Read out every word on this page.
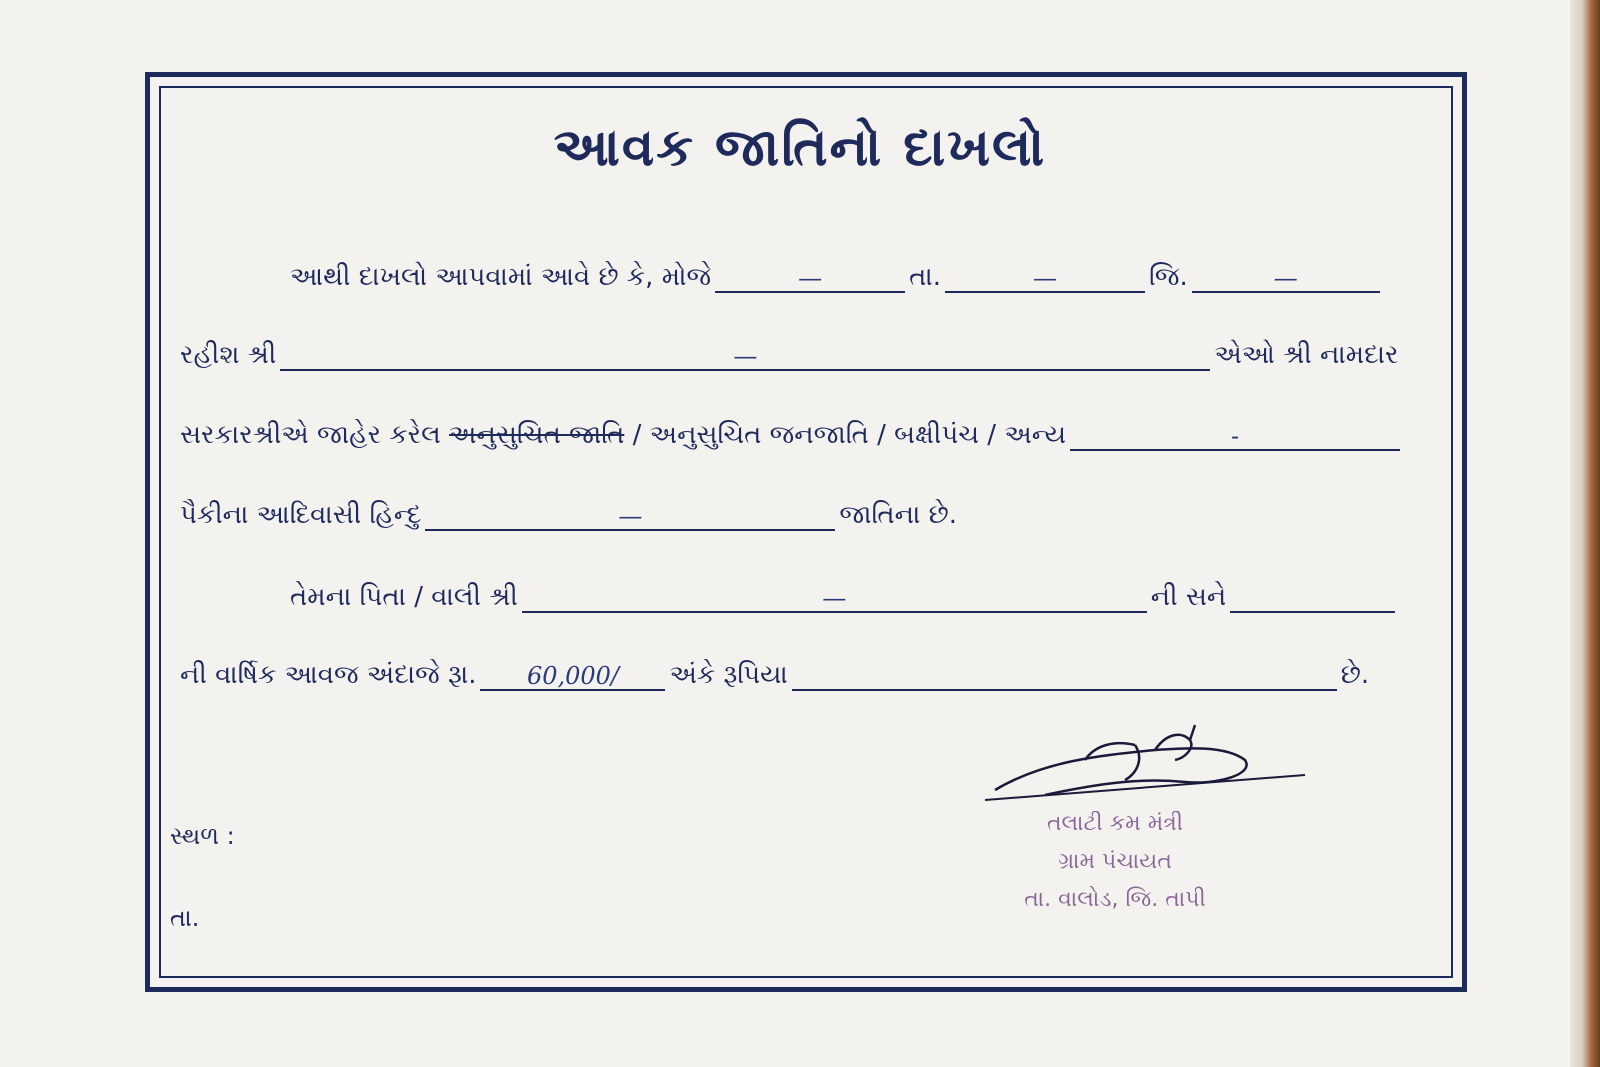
આવક જાતિનો દાખલો
આથી દાખલો આપવામાં આવે છે કે, મોજે	—	તા.	—	જિ.	—
રહીશ શ્રી	—	એઓ શ્રી નામદાર
સરકારશ્રીએ જાહેર કરેલ
અનુસુચિત જાતિ
/ અનુસુચિત જનજાતિ / બક્ષીપંચ / અન્ય	-
પૈકીના આદિવાસી હિન્દુ	—	જાતિના છે.
તેમના પિતા / વાલી શ્રી	—	ની સને
ની વાર્ષિક આવજ અંદાજે રૂા.	60,000/	અંકે રૂપિયા	છે.
સ્થળ :
તા.
તલાટી કમ મંત્રી
ગ્રામ પંચાયત
તા. વાલોડ, જિ. તાપી
